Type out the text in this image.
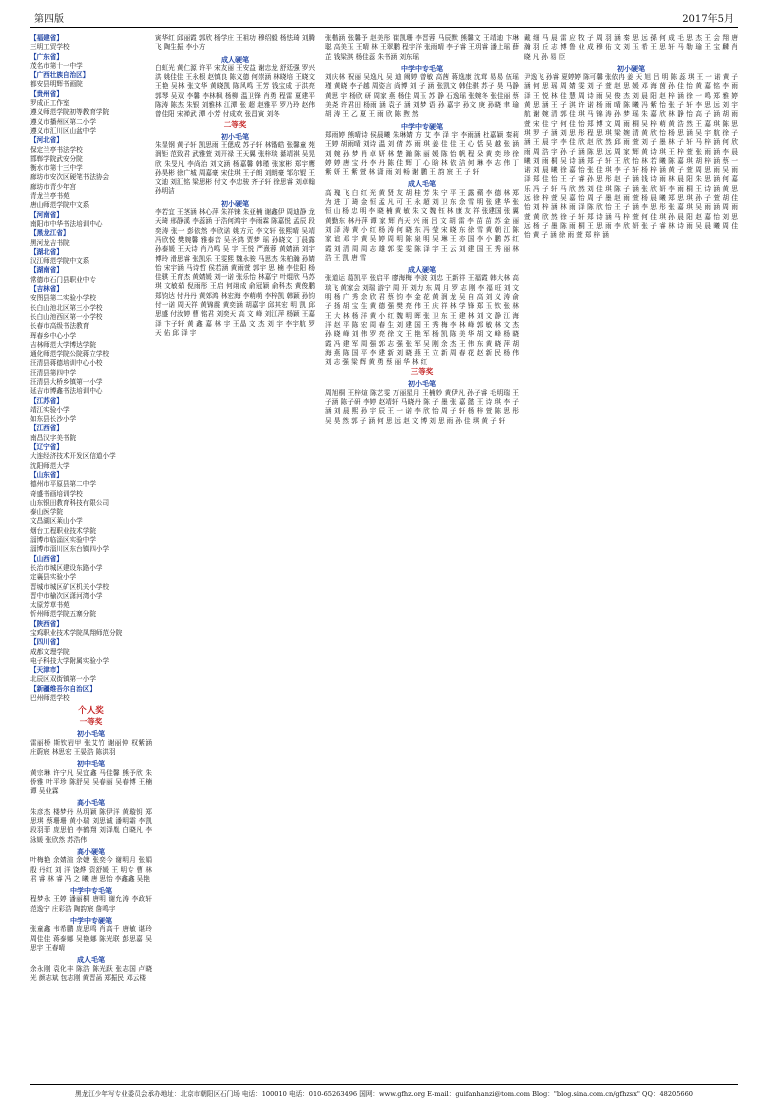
第四版	2017年5月

【福建省】

三明工贸学校

【广东省】

茂名市第十一中学

【广西壮族自治区】

都安县明辉书画院

【贵州省】

罗成正工作室

遵义师范学院初等教育学院

遵义市播州区第二小学

遵义市汇川区山盆中学

【河北省】

保定兰亭书法学校

邯郸学院武安分院

衡水市第十三中学

廊坊市安次区硬笔书法协会

廊坊市青少年宫

青龙兰亭书苑

唐山师范学院中文系

【河南省】

南阳市中华书法培训中心

【黑龙江省】

黑河龙吉书院

【湖北省】

汉江师范学院中文系

【湖南省】

常德市石门县职业中专

【吉林省】

安图县第二实验小学校

长白山池北区第三小学校

长白山池西区第一小学校

长春市高级书法教育

珲春乡中心小学

吉林师范大学博达学院

通化师范学院公院蒋立学校

汪清县蒋德培训中心小校

汪清县第四中学

汪清县大桥乡镇第一小学

延吉市博鑫书法培训中心

【江苏省】

靖江实验小学

如东县长沙小学

【江西省】

南昌汉字美书院

【辽宁省】

大连经济技术开发区信道小学

沈阳师范大学

【山东省】

德州市平原县第二中学

奇盛书画培训学校

山东银田教育科技有限公司

泰山医学院

文昌湖区莱山小学

烟台工程职业技术学院

淄博市临淄区实验中学

淄博市淄川区东台镇四小学

【山西省】

长治市城区建设东路小学

定襄县实验小学

晋城市城区矿区机关小学校

晋中市榆次区潇河湾小学

太原芳草书苑

忻州师范学院五寨分院

【陕西省】

宝鸡职业技术学院凤翔师范分院

【四川省】

成都文理学院

电子科技大学附属实验小学

【天津市】

北辰区双街镇第一小学

【新疆维吾尔自治区】

巴州师范学校

个人奖

一等奖

初小毛笔

雷丽桥 斯钦岩甲 张艾竹 谢丽仲 权紫涵 庄蔚宸 林思宏 王晏浩 陈洪羽

初中毛笔

黄宗琳 许宁凡 吴宜鑫 马佳馨 熊予欣 朱侨雅 叶平珍 陈舒吴 吴春丽 吴春博 王楠 谭 吴业霖

高小毛笔

朱彦杰 楼梦丹 丛玥颖 陈伊洋 黄璇钥 郑思琪 蔡珊珊 黄小瑞 刘思诚 潘明霜 李凯 段羽菲 庞思伯 李鹤翔 刘泽胤 白晓凡 李泳媛 张欣然 苏浩伟

高小硬笔

叶梅艳 余婧渲 余婕 张奕今 谢明月 张娟 殷 丹红 刘 洋 饶烨 资舒媛 王 明专 曹 林君 睿 林 睿 冯 之 曦 唐 思怡 李鑫鑫 吴艳

中学中专毛笔

程梦永 王婷 潘丽桐 唐明 谢允涛 李政轩 范逸宁 庄彩浩 陶韵宸 詹鸣宇

中学中专硬笔

张童鑫 韦希鹏 庞思鸣 肖高千 唐敏 谌玲 周佳佳 蒋泰娜 吴艳娜 陈光联 彭思嘉 吴思宇 王春晴

成人毛笔

余永刚 袁化丰 陈浩 陈光跃 张志国 卢晓光 颜志斌 包志刚 黄晋菡 郑振民 邓云楼

寅华红 邱丽霞 郭欣 杨学庄 王祖功 穆绍毅 杨怯琦 刘腾飞 陶生振 李小方

成人硬笔

白虹光 黄仁源 许平 宋友丽 王安益 谢忠龙 舒廷强 罗兴洪 姚佳佳 王永根 赵慎良 陈义德 何崇涵 林晓培 王晓文 王艳 吴林 张文华 黄晓凯 陈风鸣 王芳 钱宝成 于洪亮 郭琴 吴双 李馨 李林枫 杨柳 温卫锋 肖勇 程雷 夏建平 陈涛 陈杰 朱银 刘雅林 江潭 张 超 赵雅平 罗乃玲 赵伟 曾佳阳 宋禅武 潭 小芳 付成欢 张昌寅 刘冬

二等奖

初小毛笔

朱显钢 黄子轩 凯思雨 王偲成 苏子轩 林锴皓 张馨童 苑润钜 范致君 武雅萱 刘开禄 王天翼 张梓琰 綦靖祺 吴晃欣 朱旻凡 李尚治 刘文涵 杨嘉馨 韩瑾 张家彬 郑宇鹰 孙昊彬 徐广城 周嘉豪 宋佳琪 王子朗 刘朗豪 邹尔锟 王文迪 刘汇铭 梁思彬 付文 李忠骏 齐子轩 徐思睿 刘卓翰 孙明洁

初小硬笔

李若宜 王茎涵 林心萍 朱祥铼 朱亚楠 谢鑫伊 周迪静 龙天琦 邢静溪 李蕊涵 于浩何鸿宇 李雨霖 陈嘉悦 孟辰 段奕涛 张一 彭依然 李欣诺 姚方元 李文轩 张熙晴 吴靖 冯欣悦 樊婉馨 雅泰音 吴圣鸿 贾梦 瑶 孙晓文 丁晨露 孙泰媛 王天诗 肖乃鸣 吴 宇 王悦 严熹蓉 黄婧涵 刘宇博玲 滑思睿 张凯乐 王雯熙 魏永骏 马思杰 朱柏瀚 孙婧怡 宋宇涵 马诗哲 侯若涵 黄雨萱 郭宇 思 楠 李佳阳 杨佳骐 王育杰 黄婧媛 刘一诺 张乐怡 林嘉宁 叶焜欣 马苏琪 文敏茹 倪雨彤 王启 何翊成 俞冠颖 俞科杰 黄俊鹏 郑钧达 付丹丹 黄郊鸿 林宏海 李萌萌 李梓凯 韩颖 孙钧 付一诺 周天祥 黄锦震 黄奕涵 胡嘉宇 邱其宏 明 凯 邱思盛 付汝婷 曹 铭君 刘奕天 高 文 峰 刘江萍 杨颖 王嘉泽 卞子轩 黄 鑫 嘉 林 宇 王晶 文 杰 刘 宇 李宇航 罗 天 佑 邱 泽 宇

张楷涵 张馨予 赵美彤 崔凯珊 李晋蓉 马辰默 熊馨文 王靖迪 卞琳聪 高美玉 王晴 林 王翠鹏 程宇洋 张雨晴 李子睿 王玥睿 潘上瑶 薛芷 钱梁淇 杨佳蕊 朱书涵 刘东瑶

中学中专毛笔

刘庆林 祝丽 吴逸凡 吴 迪 阙婷 曾敏 高茜 蒋逸康 沈茸 易易 伍瑶瑾 黄晓 李子越 周姿言 尚博 刘 子 涵 张凯文 韩佳骐 苏子 昊 马静 黄思 宇 杨欣 研 周家 燕 杨佳 周玉 苏 静 石逸瑶 张婉冬 张佳丽 蔡美尧 许君田 杨雨 涵 袁子 涵 刘梦 语 孙 嘉宇 孙文 庚 孙晓 聿 瑜 胡 涛 王 乙 夏 王 雨 欣 陈 煦 然

中学中专硬笔

郑雨婷 熊晴诗 侯晨曦 朱琳婧 方 艾 李 泽 宇 李雨涵 杜嘉颖 秦莉 王婷 胡雨晴 刘诗 温 刘 倩 苏 雨 琪 姜 佳 佳 王 心 恬 吴 越 张 涵 刘 婉 孙 梦 肖 卓 妍 林 楚 瀚 陈 丽 媛 陈 怡 帆 程 朵 黄 奕 珍 徐 婷 婷 唐 宝 丹 李 丹 陈 佳 辉 丁 心 晗 林 依 洁 何 琳 李 志 伟 丁 紫 妍 王 紫 萱 林 潇 雨 刘 畅 谢 鹏 王 韵 宸 王 子 轩

成人毛笔

高 瑰 飞 白 红 光 黄 贤 友 胡 桂 芳 朱 宁 平 王 露 蘋 李 德 林 郑 为 进 丁 琦 金 恒 孟 凡 可 王 永 超 刘 卫 东 余 雪 明 张 建 华 张 恒 山 杨 忠 明 李 晓 楠 黄 敏 朱 文 魏 钰 林 康 友 祥 张建国 张 翼 黄勤东 林丹萍 谭 家 辉 肖天 兴 雨 吕 文 胡 雷 李 苗 苗 苏 金 丽 刘 泽 涛 黄 小 红 杨 涛 何 晓 东 冯 莹 宋 晓 东 徐 雪 黄 朝 江 陈 家 谊 邓 宇 黄 吴 婷 周 明 陈 泉 明 吴 琳 王 亦 国 李 小 鹏 苏 红 霞 刘 清 周 周 志 雄 郭 雯 雯 陈 泽 宇 王 云 刘 建 国 王 秀 丽 林 浩 王 凯 唐 雪

成人硬笔

张道运 葛凯平 张启平 廖海梅 李波 刘忠 王新祥 王福霞 韩大林 高琰飞 黄家会 刘瑞 游宁 周 开 刘力 东 周 月 罗 志 刚 李 福 旺 刘 文 明 杨 广 秀 余 欣 君 蔡 钧 李 金 花 黄 润 龙 吴 自 高 刘 义 涛 俞 子 扬 胡 宝 生 黄 德 强 樊 亮 伟 王 庆 祥 林 学 锋 郑 玉 钦 张 林 王 大 林 杨 洋 黄 小 红 魏 明 晖 张 卫 东 王 建 林 刘 文 静 江 海 洋 赵 平 陈 宏 周 春 生 刘 建 国 王 秀 梅 李 林 峰 郭 敏 林 文 杰 孙 晓 峰 刘 伟 罗 亮 徐 文 王 艳 军 杨 凯 陈 美 华 胡 文 峰 杨 晓 霞 冯 建 军 周 强 郭 志 强 张 军 吴 刚 余 杰 王 伟 东 黄 晓 萍 胡 海 燕 陈 国 平 李 建 新 刘 晓 燕 王 立 新 周 春 花 赵 新 民 杨 伟 刘 志 强 梁 辉 黄 勇 蔡 丽 华 林 红

三等奖

初小毛笔

周旭桐 王梓煊 陈艺雯 万丽星月 王楠妙 黄伊凡 孙子睿 毛明瑞 王子涵 陈子研 李婷 赵靖轩 马晓丹 陈 子 墨 张 嘉 懿 王 诗 琪 李 子 涵 刘 晨 熙 孙 宇 辰 王 一 诺 李 欣 怡 周 子 轩 杨 梓 萱 陈 思 彤 吴 昊 然 郭 子 涵 何 思 远 赵 文 博 刘 思 雨 孙 佳 琪 黄 子 轩

戴 细 马 晨 雷 应 牧 子 周 羽 涵 秦 思 远 孫 何 成 毛 思 杰 王 会 翔 唐 瀚 羽 丘 志 博 鲁 业 成 穆 佑 文 刘 玉 希 王 思 轩 马 勒 瑜 王 宝 麟 肖 晓 凡 孙 易 臣

初小硬笔

尹逸飞 孙睿 夏婷婷 陈可馨 张依冉 姜 天 旭 吕 明 陈 蕊 琪 王 一 诺 黄 子 涵 何 思 瑶 周 婧 雯 刘 子 萱 赵 思 媛 邓 海 茵 孙 佳 怡 黄 嘉 铭 李 雨 泽 王 悦 林 佳 慧 周 诗 雨 吴 俊 杰 刘 晨 阳 赵 梓 涵 徐 一 鸣 郑 雅 婷 黄 思 涵 王 子 淇 许 诺 杨 雨 晴 陈 曦 冯 紫 怡 张 子 轩 李 思 远 刘 宇 航 谢 婉 清 郭 佳 琪 马 锦 涛 孙 梦 瑶 朱 嘉 欣 林 静 怡 高 子 涵 胡 雨 萱 宋 佳 宁 何 佳 怡 郑 博 文 周 雨 桐 吴 梓 萌 黄 浩 然 王 嘉 琪 陈 思 琪 罗 子 涵 刘 思 彤 程 思 琪 梁 婉 清 黄 欣 怡 杨 思 涵 吴 宇 航 徐 子 涵 王 晨 宇 李 佳 欣 赵 欣 然 邱 雨 萱 刘 子 墨 林 子 轩 马 梓 涵 何 欣 雨 周 浩 宇 孙 子 涵 陈 思 远 周 家 辉 黄 诗 琪 王 梓 萱 张 雨 涵 李 晨 曦 刘 雨 桐 吴 诗 涵 郑 子 轩 王 欣 怡 林 若 曦 陈 嘉 琪 胡 梓 涵 蔡 一 诺 刘 晨 曦 徐 嘉 怡 张 佳 琪 李 子 轩 杨 梓 涵 黄 子 萱 周 思 雨 吴 雨 泽 郑 佳 怡 王 子 睿 孙 思 彤 赵 子 涵 钱 诗 雨 林 晨 阳 朱 思 涵 何 嘉 乐 冯 子 轩 马 欣 然 刘 佳 琪 陈 子 涵 张 欣 妍 李 雨 桐 王 诗 涵 黄 思 远 徐 梓 萱 吴 嘉 怡 周 子 墨 赵 雨 萱 杨 晨 曦 郑 思 琪 孙 子 萱 胡 佳 怡 刘 梓 涵 林 雨 泽 陈 欣 怡 王 子 涵 李 思 彤 张 嘉 琪 吴 雨 涵 周 雨 萱 黄 欣 然 徐 子 轩 郑 诗 涵 马 梓 萱 何 佳 琪 孙 晨 阳 赵 嘉 怡 刘 思 远 杨 子 墨 陈 雨 桐 王 思 雨 李 欣 妍 张 子 睿 林 诗 雨 吴 晨 曦 周 佳 怡 黄 子 涵 徐 雨 萱 郑 梓 涵

黑龙江少年写专业委员会承办地址：北京市朝阳区石门场 电话：100010 电话：010-65263496 国网：www.gfhz.org E-mail：guifanhanzi@tom.com Blog："blog.sina.com.cn/gfhzsx" QQ：48205660
